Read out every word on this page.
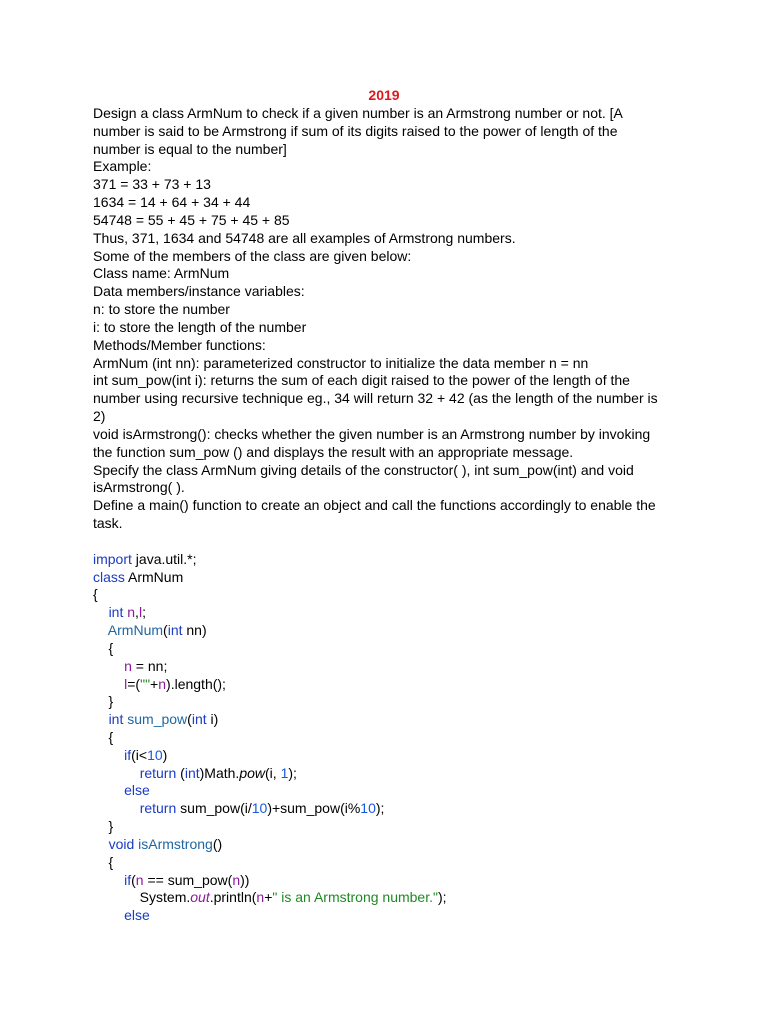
2019
Design a class ArmNum to check if a given number is an Armstrong number or not. [A
number is said to be Armstrong if sum of its digits raised to the power of length of the
number is equal to the number]
Example:
371 = 33 + 73 + 13
1634 = 14 + 64 + 34 + 44
54748 = 55 + 45 + 75 + 45 + 85
Thus, 371, 1634 and 54748 are all examples of Armstrong numbers.
Some of the members of the class are given below:
Class name: ArmNum
Data members/instance variables:
n: to store the number
i: to store the length of the number
Methods/Member functions:
ArmNum (int nn): parameterized constructor to initialize the data member n = nn
int sum_pow(int i): returns the sum of each digit raised to the power of the length of the
number using recursive technique eg., 34 will return 32 + 42 (as the length of the number is
2)
void isArmstrong(): checks whether the given number is an Armstrong number by invoking
the function sum_pow () and displays the result with an appropriate message.
Specify the class ArmNum giving details of the constructor( ), int sum_pow(int) and void
isArmstrong( ).
Define a main() function to create an object and call the functions accordingly to enable the
task.
import java.util.*;
class ArmNum
{
int n,l;
ArmNum(int nn)
{
n = nn;
l=(""+n).length();
}
int sum_pow(int i)
{
if(i<10)
return (int)Math.pow(i, 1);
else
return sum_pow(i/10)+sum_pow(i%10);
}
void isArmstrong()
{
if(n == sum_pow(n))
System.out.println(n+" is an Armstrong number.");
else
